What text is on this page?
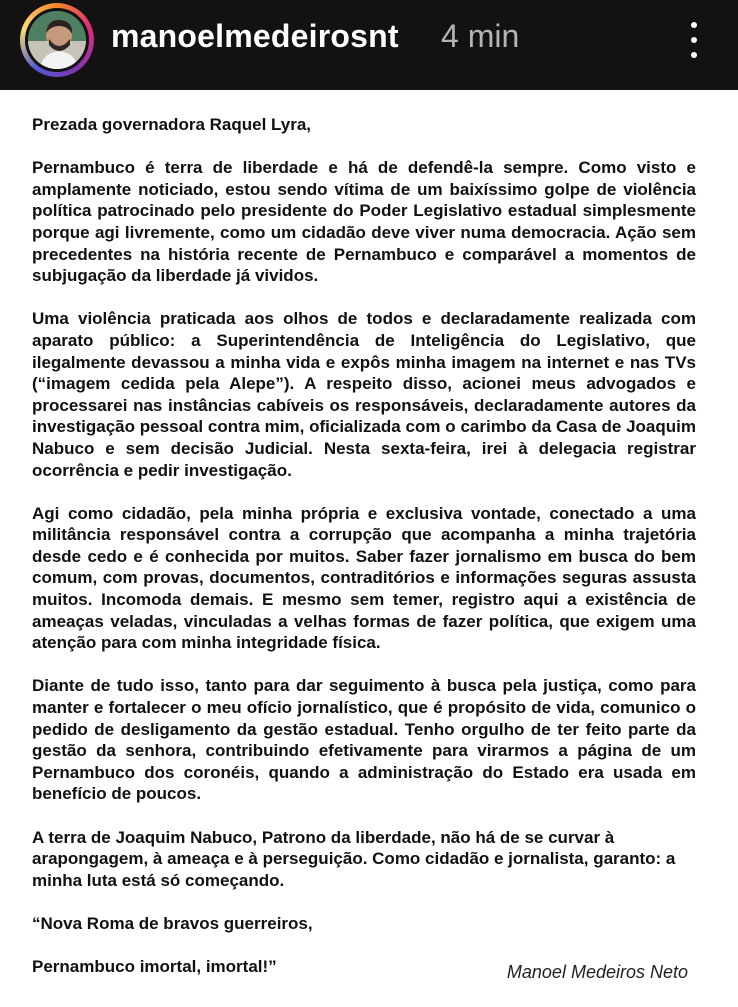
manoelmedeirosnt 4 min

Prezada governadora Raquel Lyra,

Pernambuco é terra de liberdade e há de defendê-la sempre. Como visto e amplamente noticiado, estou sendo vítima de um baixíssimo golpe de violência política patrocinado pelo presidente do Poder Legislativo estadual simplesmente porque agi livremente, como um cidadão deve viver numa democracia. Ação sem precedentes na história recente de Pernambuco e comparável a momentos de subjugação da liberdade já vividos.

Uma violência praticada aos olhos de todos e declaradamente realizada com aparato público: a Superintendência de Inteligência do Legislativo, que ilegalmente devassou a minha vida e expôs minha imagem na internet e nas TVs (“imagem cedida pela Alepe”). A respeito disso, acionei meus advogados e processarei nas instâncias cabíveis os responsáveis, declaradamente autores da investigação pessoal contra mim, oficializada com o carimbo da Casa de Joaquim Nabuco e sem decisão Judicial. Nesta sexta-feira, irei à delegacia registrar ocorrência e pedir investigação.

Agi como cidadão, pela minha própria e exclusiva vontade, conectado a uma militância responsável contra a corrupção que acompanha a minha trajetória desde cedo e é conhecida por muitos. Saber fazer jornalismo em busca do bem comum, com provas, documentos, contraditórios e informações seguras assusta muitos. Incomoda demais. E mesmo sem temer, registro aqui a existência de ameaças veladas, vinculadas a velhas formas de fazer política, que exigem uma atenção para com minha integridade física.

Diante de tudo isso, tanto para dar seguimento à busca pela justiça, como para manter e fortalecer o meu ofício jornalístico, que é propósito de vida, comunico o pedido de desligamento da gestão estadual. Tenho orgulho de ter feito parte da gestão da senhora, contribuindo efetivamente para virarmos a página de um Pernambuco dos coronéis, quando a administração do Estado era usada em benefício de poucos.

A terra de Joaquim Nabuco, Patrono da liberdade, não há de se curvar à arapongagem, à ameaça e à perseguição. Como cidadão e jornalista, garanto: a minha luta está só começando.

“Nova Roma de bravos guerreiros,

Pernambuco imortal, imortal!”	Manoel Medeiros Neto
